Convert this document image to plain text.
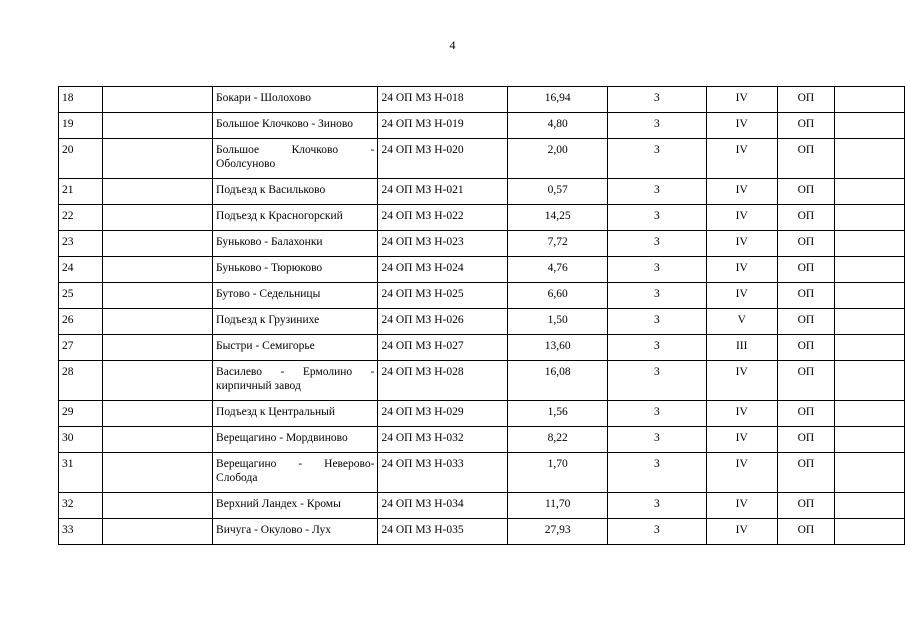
4
18		Бокари - Шолохово	24 ОП МЗ Н-018	16,94	3	IV	ОП	
19		Большое Клочково - Зиново	24 ОП МЗ Н-019	4,80	3	IV	ОП	
20		Большое Клочково - Оболсуново	24 ОП МЗ Н-020	2,00	3	IV	ОП	
21		Подъезд к Васильково	24 ОП МЗ Н-021	0,57	3	IV	ОП	
22		Подъезд к Красногорский	24 ОП МЗ Н-022	14,25	3	IV	ОП	
23		Буньково - Балахонки	24 ОП МЗ Н-023	7,72	3	IV	ОП	
24		Буньково - Тюрюково	24 ОП МЗ Н-024	4,76	3	IV	ОП	
25		Бутово - Седельницы	24 ОП МЗ Н-025	6,60	3	IV	ОП	
26		Подъезд к Грузинихе	24 ОП МЗ Н-026	1,50	3	V	ОП	
27		Быстри - Семигорье	24 ОП МЗ Н-027	13,60	3	III	ОП	
28		Василево - Ермолино - кирпичный завод	24 ОП МЗ Н-028	16,08	3	IV	ОП	
29		Подъезд к Центральный	24 ОП МЗ Н-029	1,56	3	IV	ОП	
30		Верещагино - Мордвиново	24 ОП МЗ Н-032	8,22	3	IV	ОП	
31		Верещагино - Неверово-Слобода	24 ОП МЗ Н-033	1,70	3	IV	ОП	
32		Верхний Ландех - Кромы	24 ОП МЗ Н-034	11,70	3	IV	ОП	
33		Вичуга - Окулово - Лух	24 ОП МЗ Н-035	27,93	3	IV	ОП	
